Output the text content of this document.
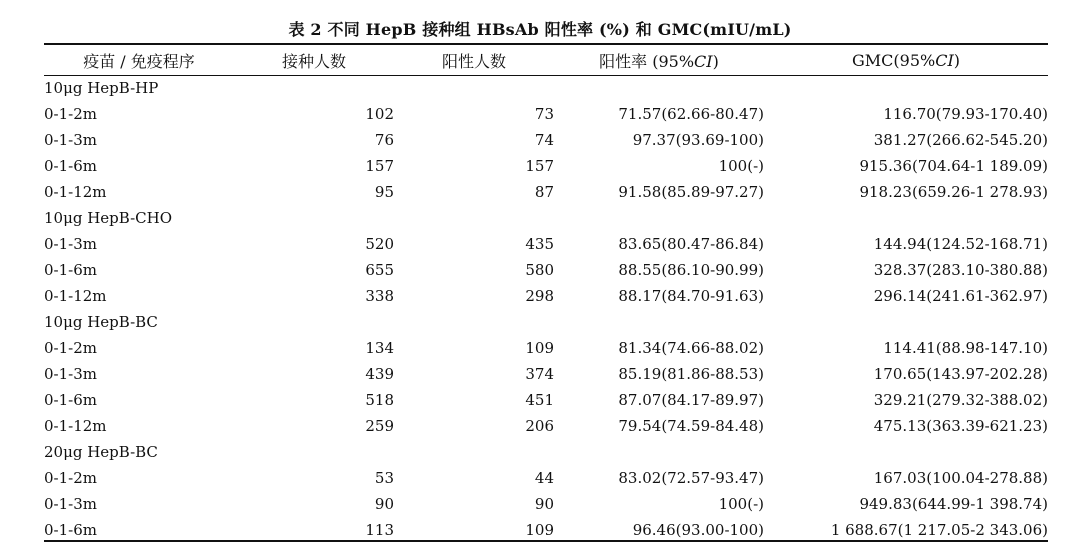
表 2 不同 HepB 接种组 HBsAb 阳性率 (%) 和 GMC(mIU/mL)
疫苗 / 免疫程序	接种人数	阳性人数	阳性率 (95%CI)	GMC(95%CI)
10μg HepB-HP				
0-1-2m	102	73	71.57(62.66-80.47)	116.70(79.93-170.40)
0-1-3m	76	74	97.37(93.69-100)	381.27(266.62-545.20)
0-1-6m	157	157	100(-)	915.36(704.64-1 189.09)
0-1-12m	95	87	91.58(85.89-97.27)	918.23(659.26-1 278.93)
10μg HepB-CHO				
0-1-3m	520	435	83.65(80.47-86.84)	144.94(124.52-168.71)
0-1-6m	655	580	88.55(86.10-90.99)	328.37(283.10-380.88)
0-1-12m	338	298	88.17(84.70-91.63)	296.14(241.61-362.97)
10μg HepB-BC				
0-1-2m	134	109	81.34(74.66-88.02)	114.41(88.98-147.10)
0-1-3m	439	374	85.19(81.86-88.53)	170.65(143.97-202.28)
0-1-6m	518	451	87.07(84.17-89.97)	329.21(279.32-388.02)
0-1-12m	259	206	79.54(74.59-84.48)	475.13(363.39-621.23)
20μg HepB-BC				
0-1-2m	53	44	83.02(72.57-93.47)	167.03(100.04-278.88)
0-1-3m	90	90	100(-)	949.83(644.99-1 398.74)
0-1-6m	113	109	96.46(93.00-100)	1 688.67(1 217.05-2 343.06)
